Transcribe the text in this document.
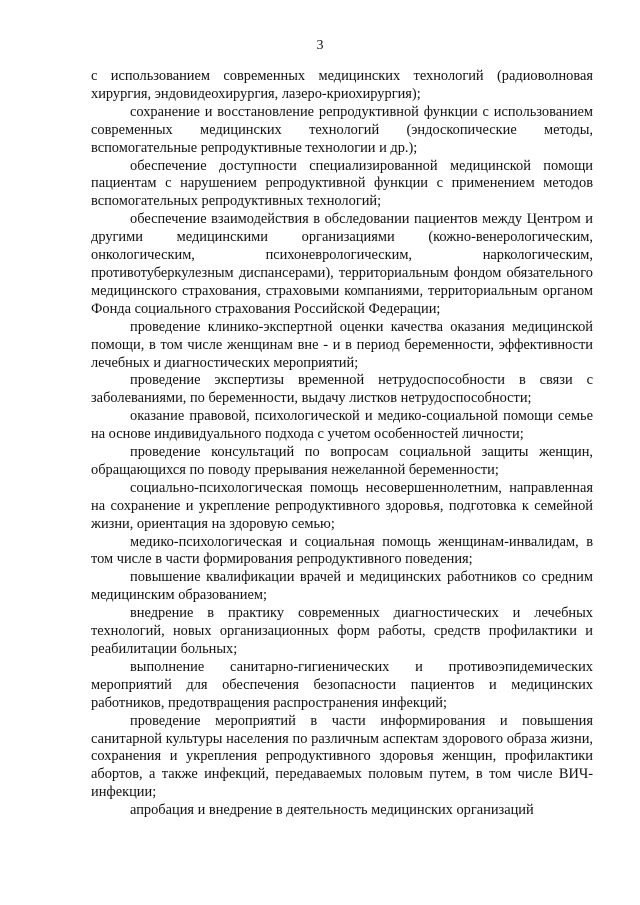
3

с использованием современных медицинских технологий (радиоволновая хирургия, эндовидеохирургия, лазеро-криохирургия);

сохранение и восстановление репродуктивной функции с использованием современных медицинских технологий (эндоскопические методы, вспомогательные репродуктивные технологии и др.);

обеспечение доступности специализированной медицинской помощи пациентам с нарушением репродуктивной функции с применением методов вспомогательных репродуктивных технологий;

обеспечение взаимодействия в обследовании пациентов между Центром и другими медицинскими организациями (кожно-венерологическим, онкологическим, психоневрологическим, наркологическим, противотуберкулезным диспансерами), территориальным фондом обязательного медицинского страхования, страховыми компаниями, территориальным органом Фонда социального страхования Российской Федерации;

проведение клинико-экспертной оценки качества оказания медицинской помощи, в том числе женщинам вне - и в период беременности, эффективности лечебных и диагностических мероприятий;

проведение экспертизы временной нетрудоспособности в связи с заболеваниями, по беременности, выдачу листков нетрудоспособности;

оказание правовой, психологической и медико-социальной помощи семье на основе индивидуального подхода с учетом особенностей личности;

проведение консультаций по вопросам социальной защиты женщин, обращающихся по поводу прерывания нежеланной беременности;

социально-психологическая помощь несовершеннолетним, направленная на сохранение и укрепление репродуктивного здоровья, подготовка к семейной жизни, ориентация на здоровую семью;

медико-психологическая и социальная помощь женщинам-инвалидам, в том числе в части формирования репродуктивного поведения;

повышение квалификации врачей и медицинских работников со средним медицинским образованием;

внедрение в практику современных диагностических и лечебных технологий, новых организационных форм работы, средств профилактики и реабилитации больных;

выполнение санитарно-гигиенических и противоэпидемических мероприятий для обеспечения безопасности пациентов и медицинских работников, предотвращения распространения инфекций;

проведение мероприятий в части информирования и повышения санитарной культуры населения по различным аспектам здорового образа жизни, сохранения и укрепления репродуктивного здоровья женщин, профилактики абортов, а также инфекций, передаваемых половым путем, в том числе ВИЧ-инфекции;

апробация и внедрение в деятельность медицинских организаций
